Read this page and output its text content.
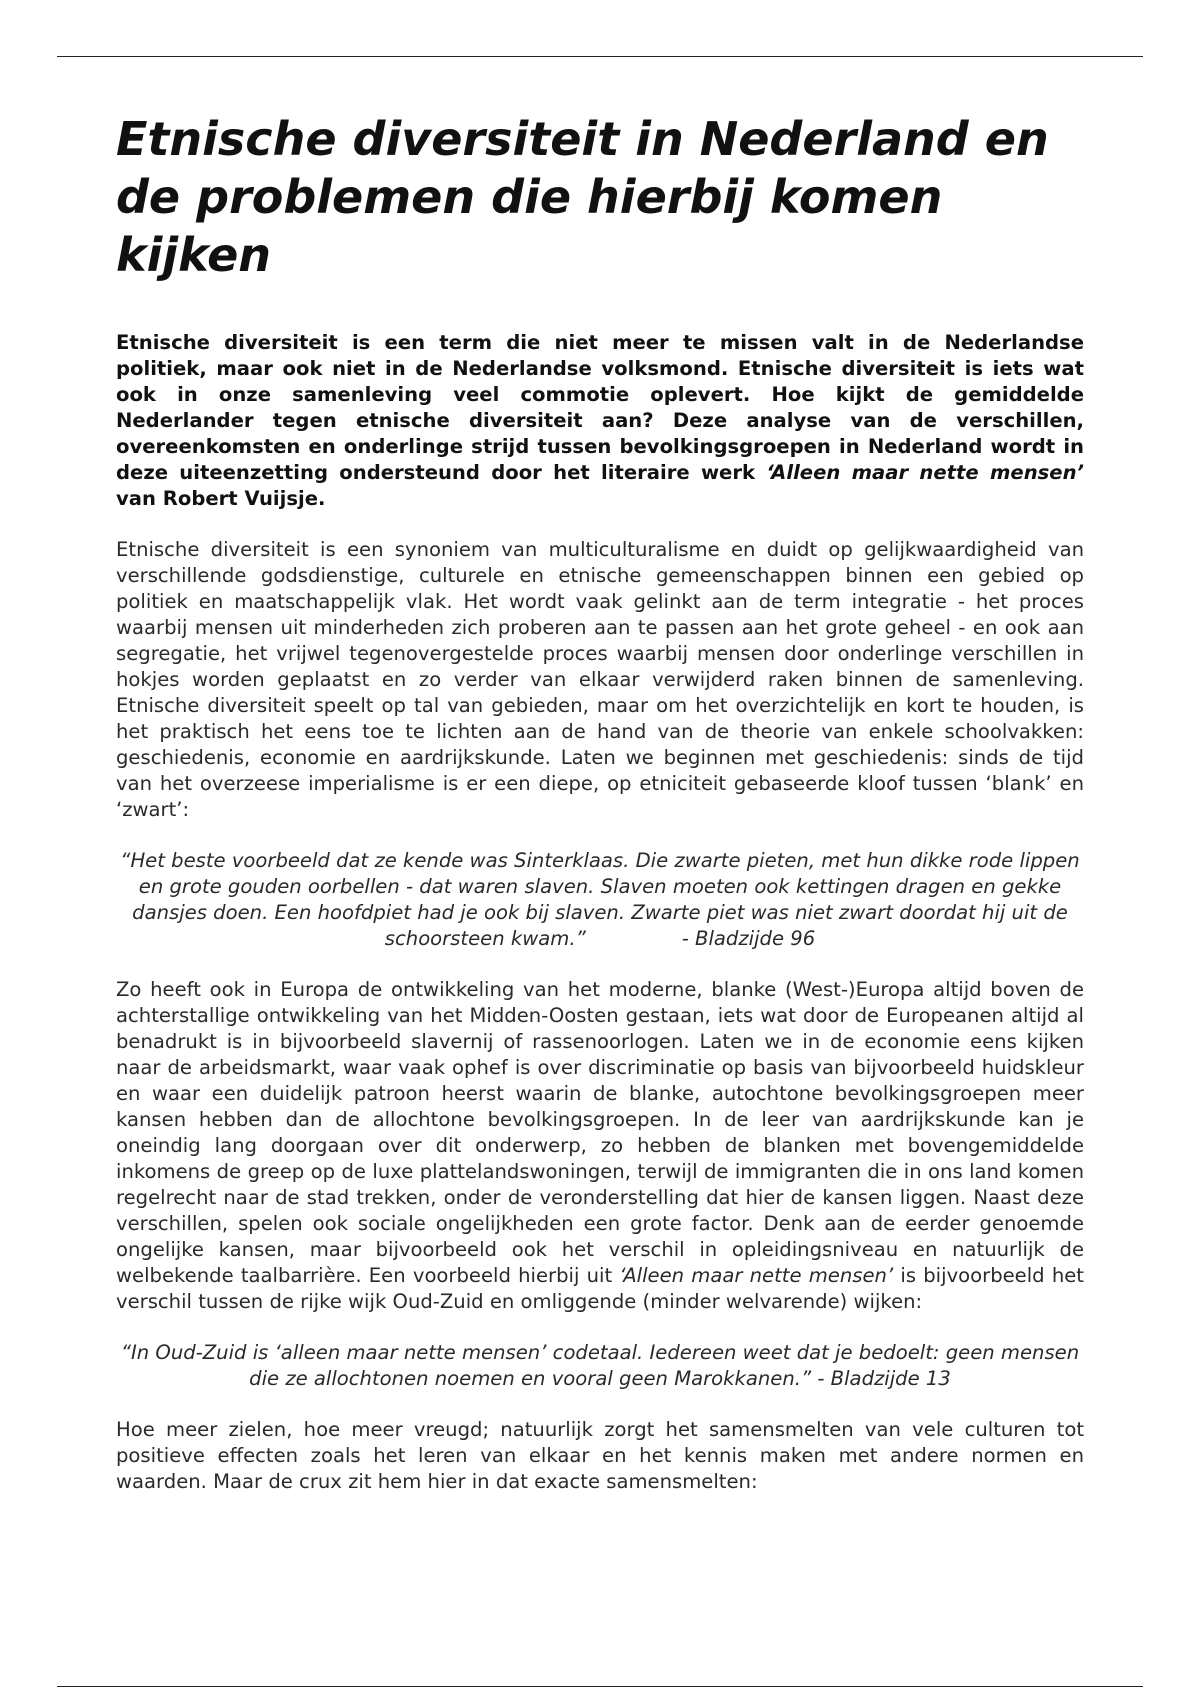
Etnische diversiteit in Nederland en de problemen die hierbij komen kijken

Etnische diversiteit is een term die niet meer te missen valt in de Nederlandse politiek, maar ook niet in de Nederlandse volksmond. Etnische diversiteit is iets wat ook in onze samenleving veel commotie oplevert. Hoe kijkt de gemiddelde Nederlander tegen etnische diversiteit aan? Deze analyse van de verschillen, overeenkomsten en onderlinge strijd tussen bevolkingsgroepen in Nederland wordt in deze uiteenzetting ondersteund door het literaire werk ‘Alleen maar nette mensen’ van Robert Vuijsje.

Etnische diversiteit is een synoniem van multiculturalisme en duidt op gelijkwaardigheid van verschillende godsdienstige, culturele en etnische gemeenschappen binnen een gebied op politiek en maatschappelijk vlak. Het wordt vaak gelinkt aan de term integratie - het proces waarbij mensen uit minderheden zich proberen aan te passen aan het grote geheel - en ook aan segregatie, het vrijwel tegenovergestelde proces waarbij mensen door onderlinge verschillen in hokjes worden geplaatst en zo verder van elkaar verwijderd raken binnen de samenleving. Etnische diversiteit speelt op tal van gebieden, maar om het overzichtelijk en kort te houden, is het praktisch het eens toe te lichten aan de hand van de theorie van enkele schoolvakken: geschiedenis, economie en aardrijkskunde. Laten we beginnen met geschiedenis: sinds de tijd van het overzeese imperialisme is er een diepe, op etniciteit gebaseerde kloof tussen ‘blank’ en ‘zwart’:

“Het beste voorbeeld dat ze kende was Sinterklaas. Die zwarte pieten, met hun dikke rode lippen en grote gouden oorbellen - dat waren slaven. Slaven moeten ook kettingen dragen en gekke dansjes doen. Een hoofdpiet had je ook bij slaven. Zwarte piet was niet zwart doordat hij uit de schoorsteen kwam.”	- Bladzijde 96

Zo heeft ook in Europa de ontwikkeling van het moderne, blanke (West-)Europa altijd boven de achterstallige ontwikkeling van het Midden-Oosten gestaan, iets wat door de Europeanen altijd al benadrukt is in bijvoorbeeld slavernij of rassenoorlogen. Laten we in de economie eens kijken naar de arbeidsmarkt, waar vaak ophef is over discriminatie op basis van bijvoorbeeld huidskleur en waar een duidelijk patroon heerst waarin de blanke, autochtone bevolkingsgroepen meer kansen hebben dan de allochtone bevolkingsgroepen. In de leer van aardrijkskunde kan je oneindig lang doorgaan over dit onderwerp, zo hebben de blanken met bovengemiddelde inkomens de greep op de luxe plattelandswoningen, terwijl de immigranten die in ons land komen regelrecht naar de stad trekken, onder de veronderstelling dat hier de kansen liggen. Naast deze verschillen, spelen ook sociale ongelijkheden een grote factor. Denk aan de eerder genoemde ongelijke kansen, maar bijvoorbeeld ook het verschil in opleidingsniveau en natuurlijk de welbekende taalbarrière. Een voorbeeld hierbij uit ‘Alleen maar nette mensen’ is bijvoorbeeld het verschil tussen de rijke wijk Oud-Zuid en omliggende (minder welvarende) wijken:

“In Oud-Zuid is ‘alleen maar nette mensen’ codetaal. Iedereen weet dat je bedoelt: geen mensen die ze allochtonen noemen en vooral geen Marokkanen.” - Bladzijde 13

Hoe meer zielen, hoe meer vreugd; natuurlijk zorgt het samensmelten van vele culturen tot positieve effecten zoals het leren van elkaar en het kennis maken met andere normen en waarden. Maar de crux zit hem hier in dat exacte samensmelten:
